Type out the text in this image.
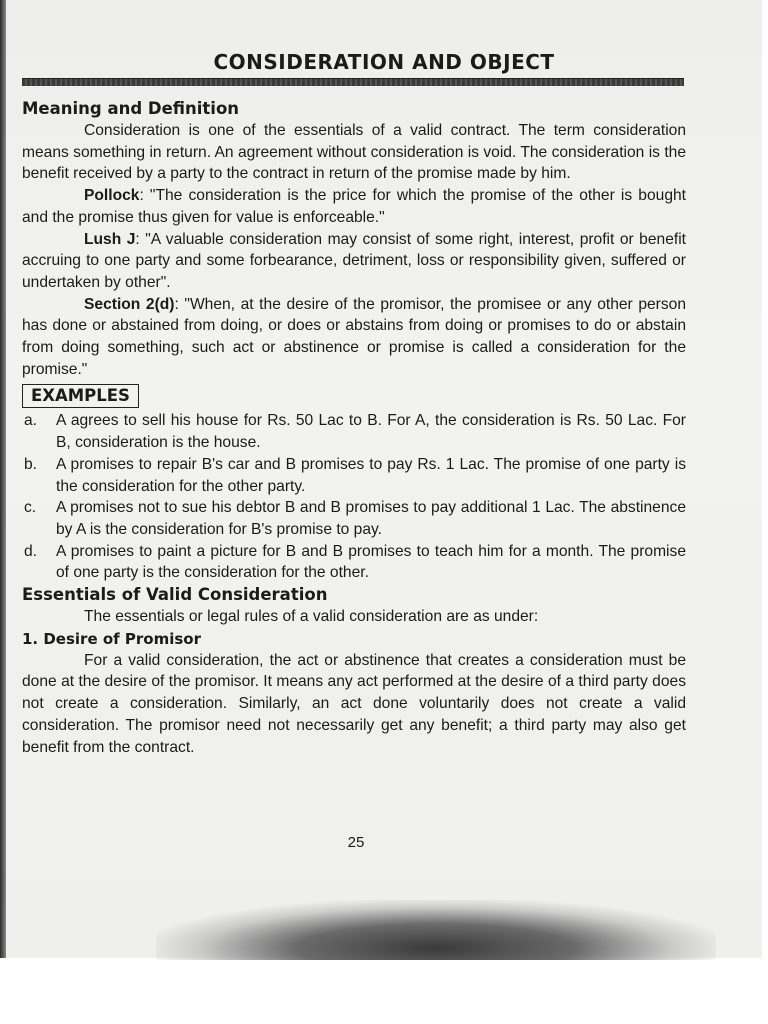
CONSIDERATION AND OBJECT

Meaning and Definition

Consideration is one of the essentials of a valid contract. The term consideration means something in return. An agreement without consideration is void. The consideration is the benefit received by a party to the contract in return of the promise made by him.

Pollock: "The consideration is the price for which the promise of the other is bought and the promise thus given for value is enforceable."

Lush J: "A valuable consideration may consist of some right, interest, profit or benefit accruing to one party and some forbearance, detriment, loss or responsibility given, suffered or undertaken by other".

Section 2(d): "When, at the desire of the promisor, the promisee or any other person has done or abstained from doing, or does or abstains from doing or promises to do or abstain from doing something, such act or abstinence or promise is called a consideration for the promise."

EXAMPLES
a. A agrees to sell his house for Rs. 50 Lac to B. For A, the consideration is Rs. 50 Lac. For B, consideration is the house.
b. A promises to repair B's car and B promises to pay Rs. 1 Lac. The promise of one party is the consideration for the other party.
c. A promises not to sue his debtor B and B promises to pay additional 1 Lac. The abstinence by A is the consideration for B's promise to pay.
d. A promises to paint a picture for B and B promises to teach him for a month. The promise of one party is the consideration for the other.

Essentials of Valid Consideration

The essentials or legal rules of a valid consideration are as under:

1. Desire of Promisor

For a valid consideration, the act or abstinence that creates a consideration must be done at the desire of the promisor. It means any act performed at the desire of a third party does not create a consideration. Similarly, an act done voluntarily does not create a valid consideration. The promisor need not necessarily get any benefit; a third party may also get benefit from the contract.

25
